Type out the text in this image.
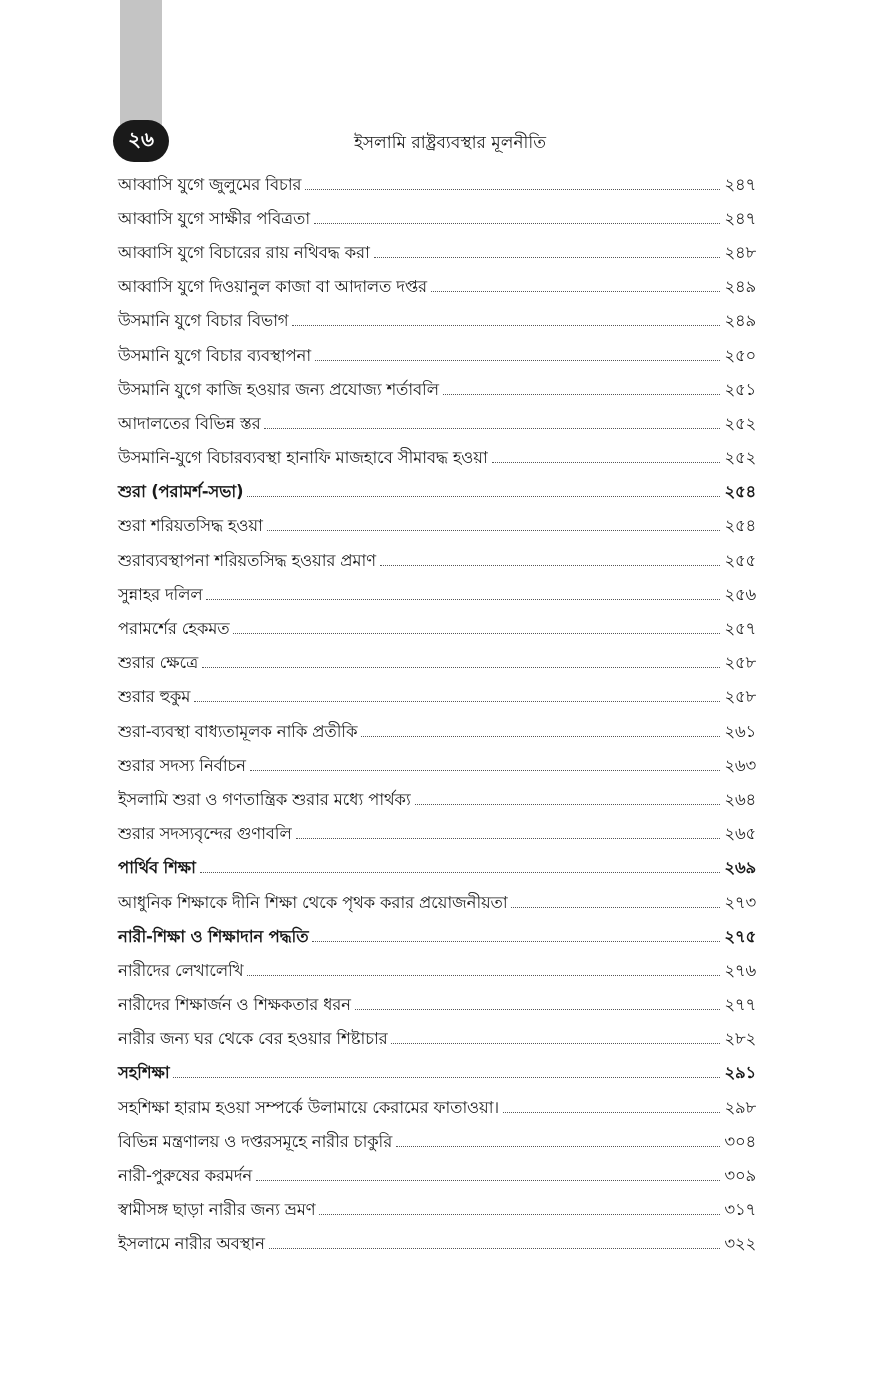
২৬	ইসলামি রাষ্ট্রব্যবস্থার মূলনীতি
আব্বাসি যুগে জুলুমের বিচার	২৪৭
আব্বাসি যুগে সাক্ষীর পবিত্রতা	২৪৭
আব্বাসি যুগে বিচারের রায় নথিবদ্ধ করা	২৪৮
আব্বাসি যুগে দিওয়ানুল কাজা বা আদালত দপ্তর	২৪৯
উসমানি যুগে বিচার বিভাগ	২৪৯
উসমানি যুগে বিচার ব্যবস্থাপনা	২৫০
উসমানি যুগে কাজি হওয়ার জন্য প্রযোজ্য শর্তাবলি	২৫১
আদালতের বিভিন্ন স্তর	২৫২
উসমানি-যুগে বিচারব্যবস্থা হানাফি মাজহাবে সীমাবদ্ধ হওয়া	২৫২
শুরা (পরামর্শ-সভা)	২৫৪
শুরা শরিয়তসিদ্ধ হওয়া	২৫৪
শুরাব্যবস্থাপনা শরিয়তসিদ্ধ হওয়ার প্রমাণ	২৫৫
সুন্নাহর দলিল	২৫৬
পরামর্শের হেকমত	২৫৭
শুরার ক্ষেত্রে	২৫৮
শুরার হুকুম	২৫৮
শুরা-ব্যবস্থা বাধ্যতামূলক নাকি প্রতীকি	২৬১
শুরার সদস্য নির্বাচন	২৬৩
ইসলামি শুরা ও গণতান্ত্রিক শুরার মধ্যে পার্থক্য	২৬৪
শুরার সদস্যবৃন্দের গুণাবলি	২৬৫
পার্থিব শিক্ষা	২৬৯
আধুনিক শিক্ষাকে দীনি শিক্ষা থেকে পৃথক করার প্রয়োজনীয়তা	২৭৩
নারী-শিক্ষা ও শিক্ষাদান পদ্ধতি	২৭৫
নারীদের লেখালেখি	২৭৬
নারীদের শিক্ষার্জন ও শিক্ষকতার ধরন	২৭৭
নারীর জন্য ঘর থেকে বের হওয়ার শিষ্টাচার	২৮২
সহশিক্ষা	২৯১
সহশিক্ষা হারাম হওয়া সম্পর্কে উলামায়ে কেরামের ফাতাওয়া।	২৯৮
বিভিন্ন মন্ত্রণালয় ও দপ্তরসমূহে নারীর চাকুরি	৩০৪
নারী-পুরুষের করমর্দন	৩০৯
স্বামীসঙ্গ ছাড়া নারীর জন্য ভ্রমণ	৩১৭
ইসলামে নারীর অবস্থান	৩২২
